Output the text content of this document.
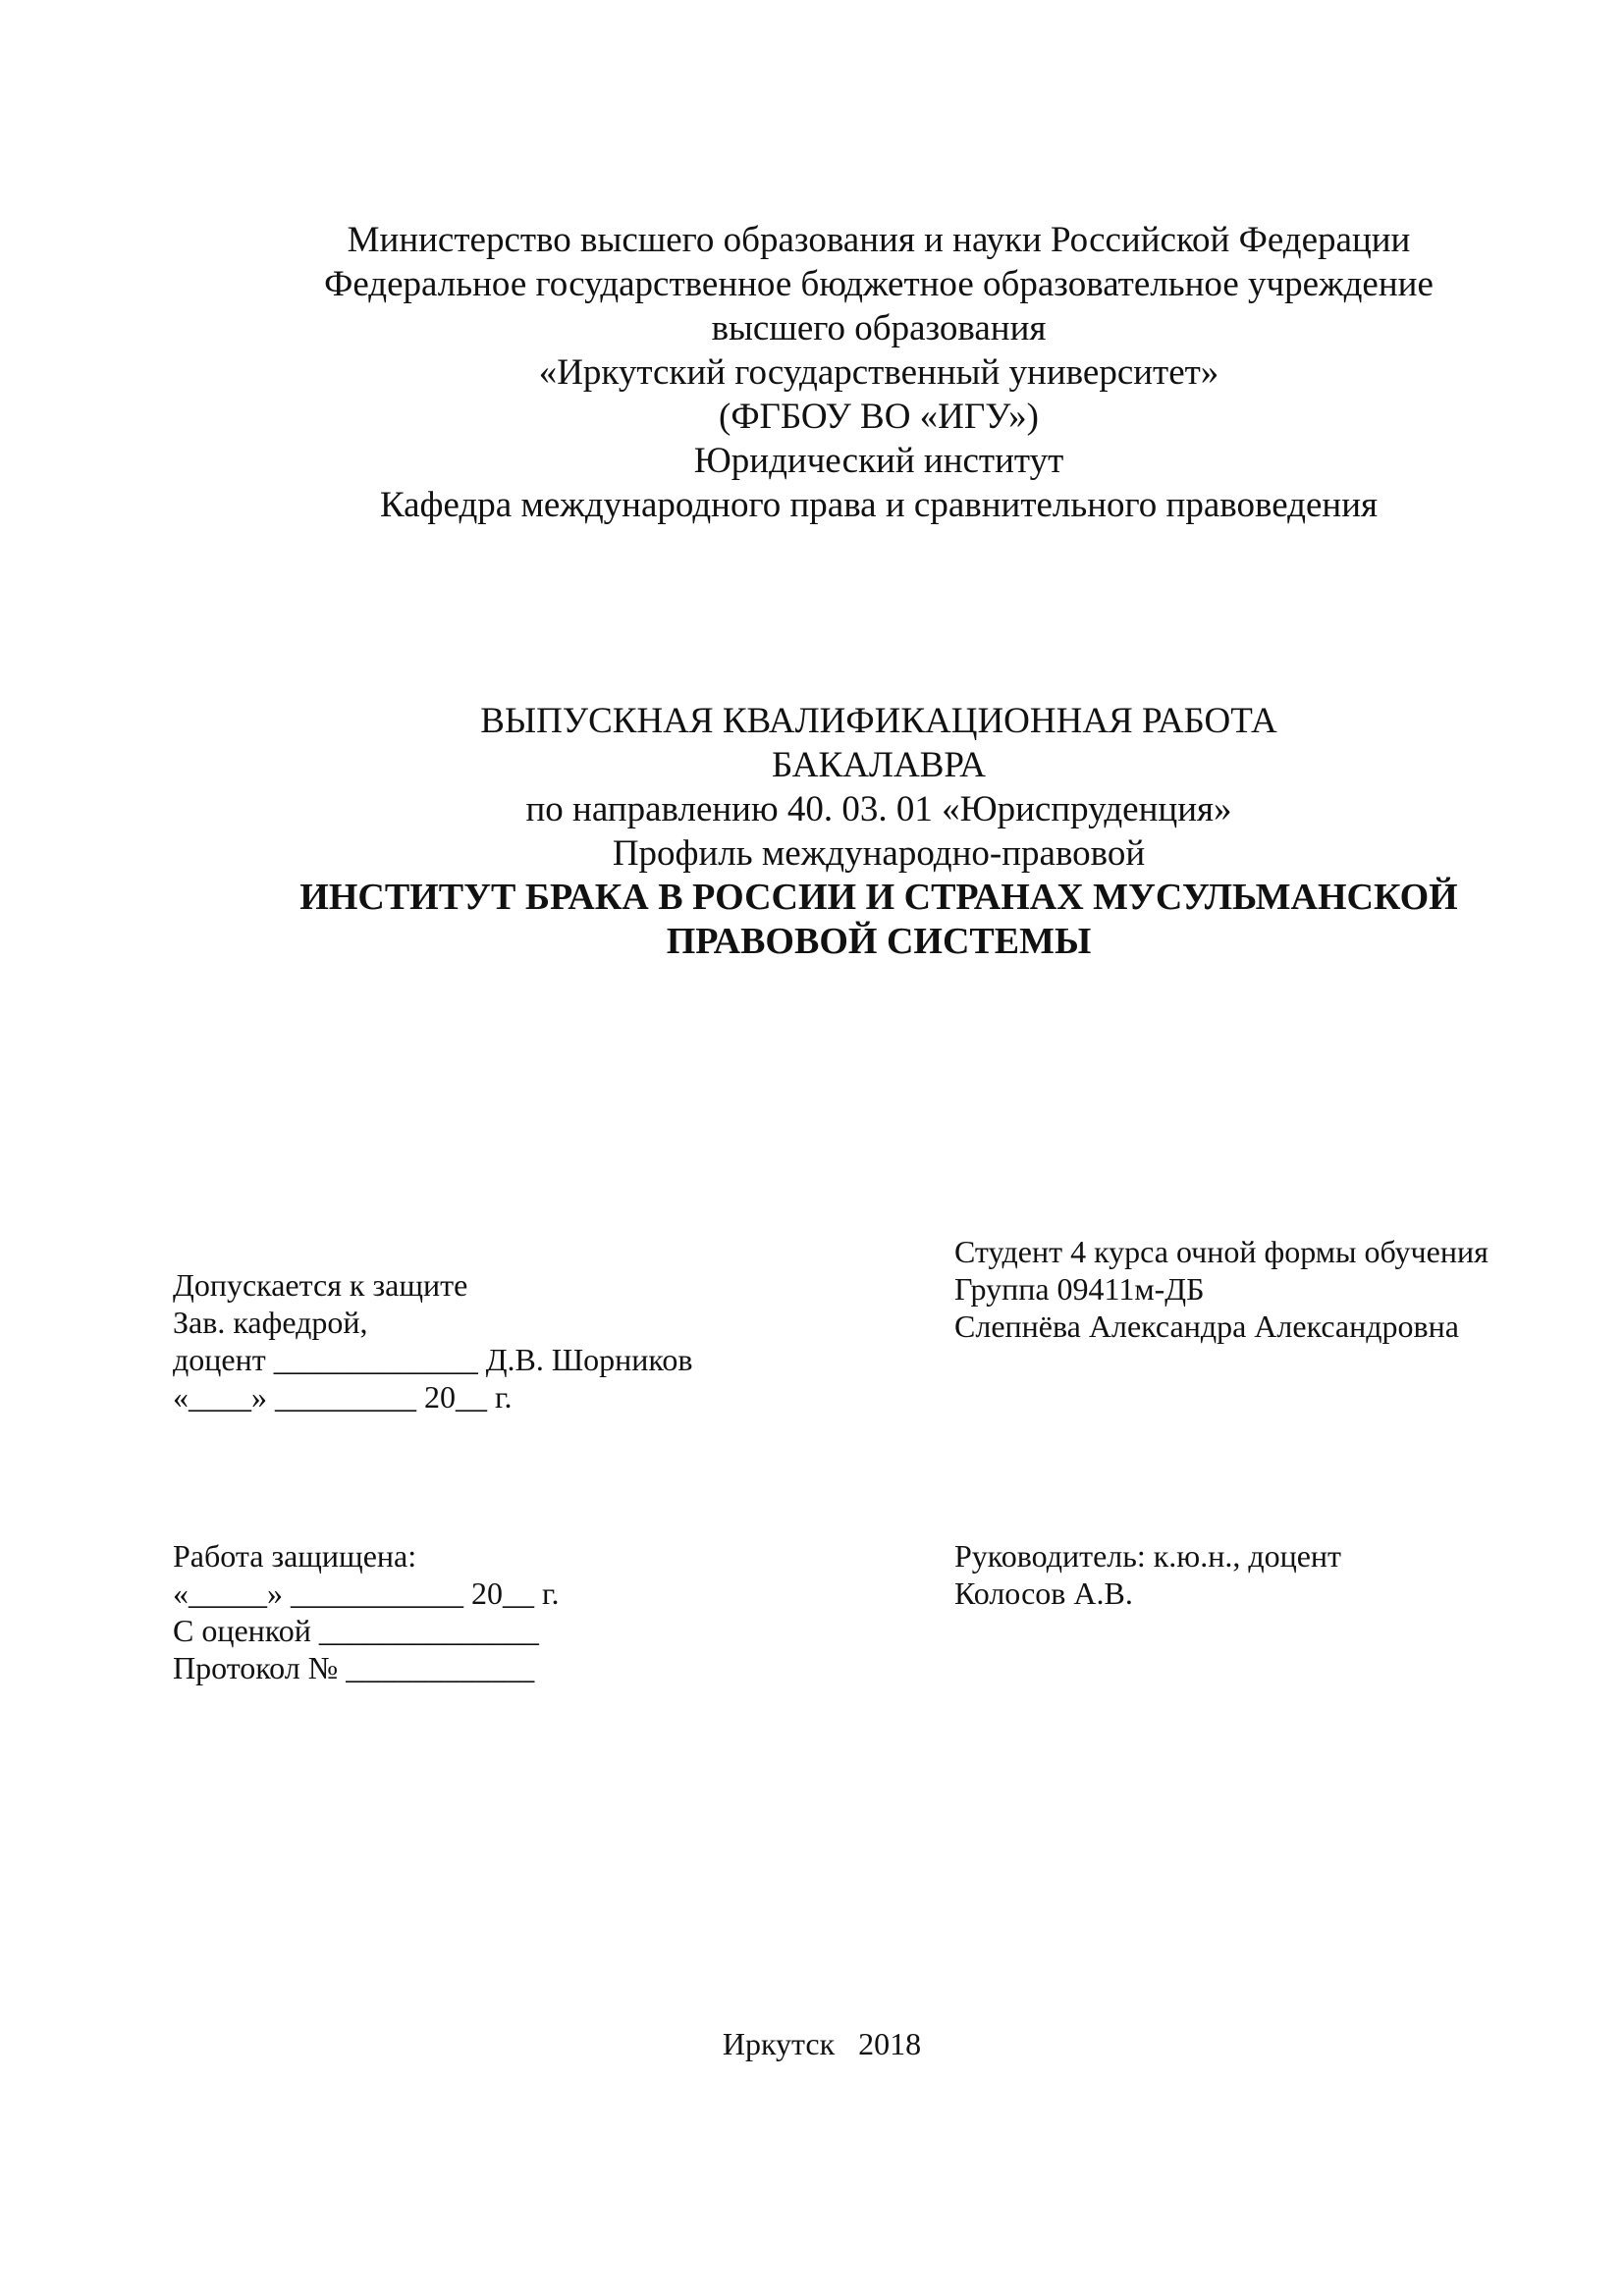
Министерство высшего образования и науки Российской Федерации
Федеральное государственное бюджетное образовательное учреждение
высшего образования
«Иркутский государственный университет»
(ФГБОУ ВО «ИГУ»)
Юридический институт
Кафедра международного права и сравнительного правоведения
ВЫПУСКНАЯ КВАЛИФИКАЦИОННАЯ РАБОТА
БАКАЛАВРА
по направлению 40. 03. 01 «Юриспруденция»
Профиль международно-правовой
ИНСТИТУТ БРАКА В РОССИИ И СТРАНАХ МУСУЛЬМАНСКОЙ
ПРАВОВОЙ СИСТЕМЫ
Допускается к защите
Зав. кафедрой,
доцент _____________ Д.В. Шорников
«____» _________ 20__ г.
Студент 4 курса очной формы обучения
Группа 09411м-ДБ
Слепнёва Александра Александровна
Работа защищена:
«_____» ___________ 20__ г.
С оценкой ______________
Протокол № ____________
Руководитель: к.ю.н., доцент
Колосов А.В.
Иркутск   2018
